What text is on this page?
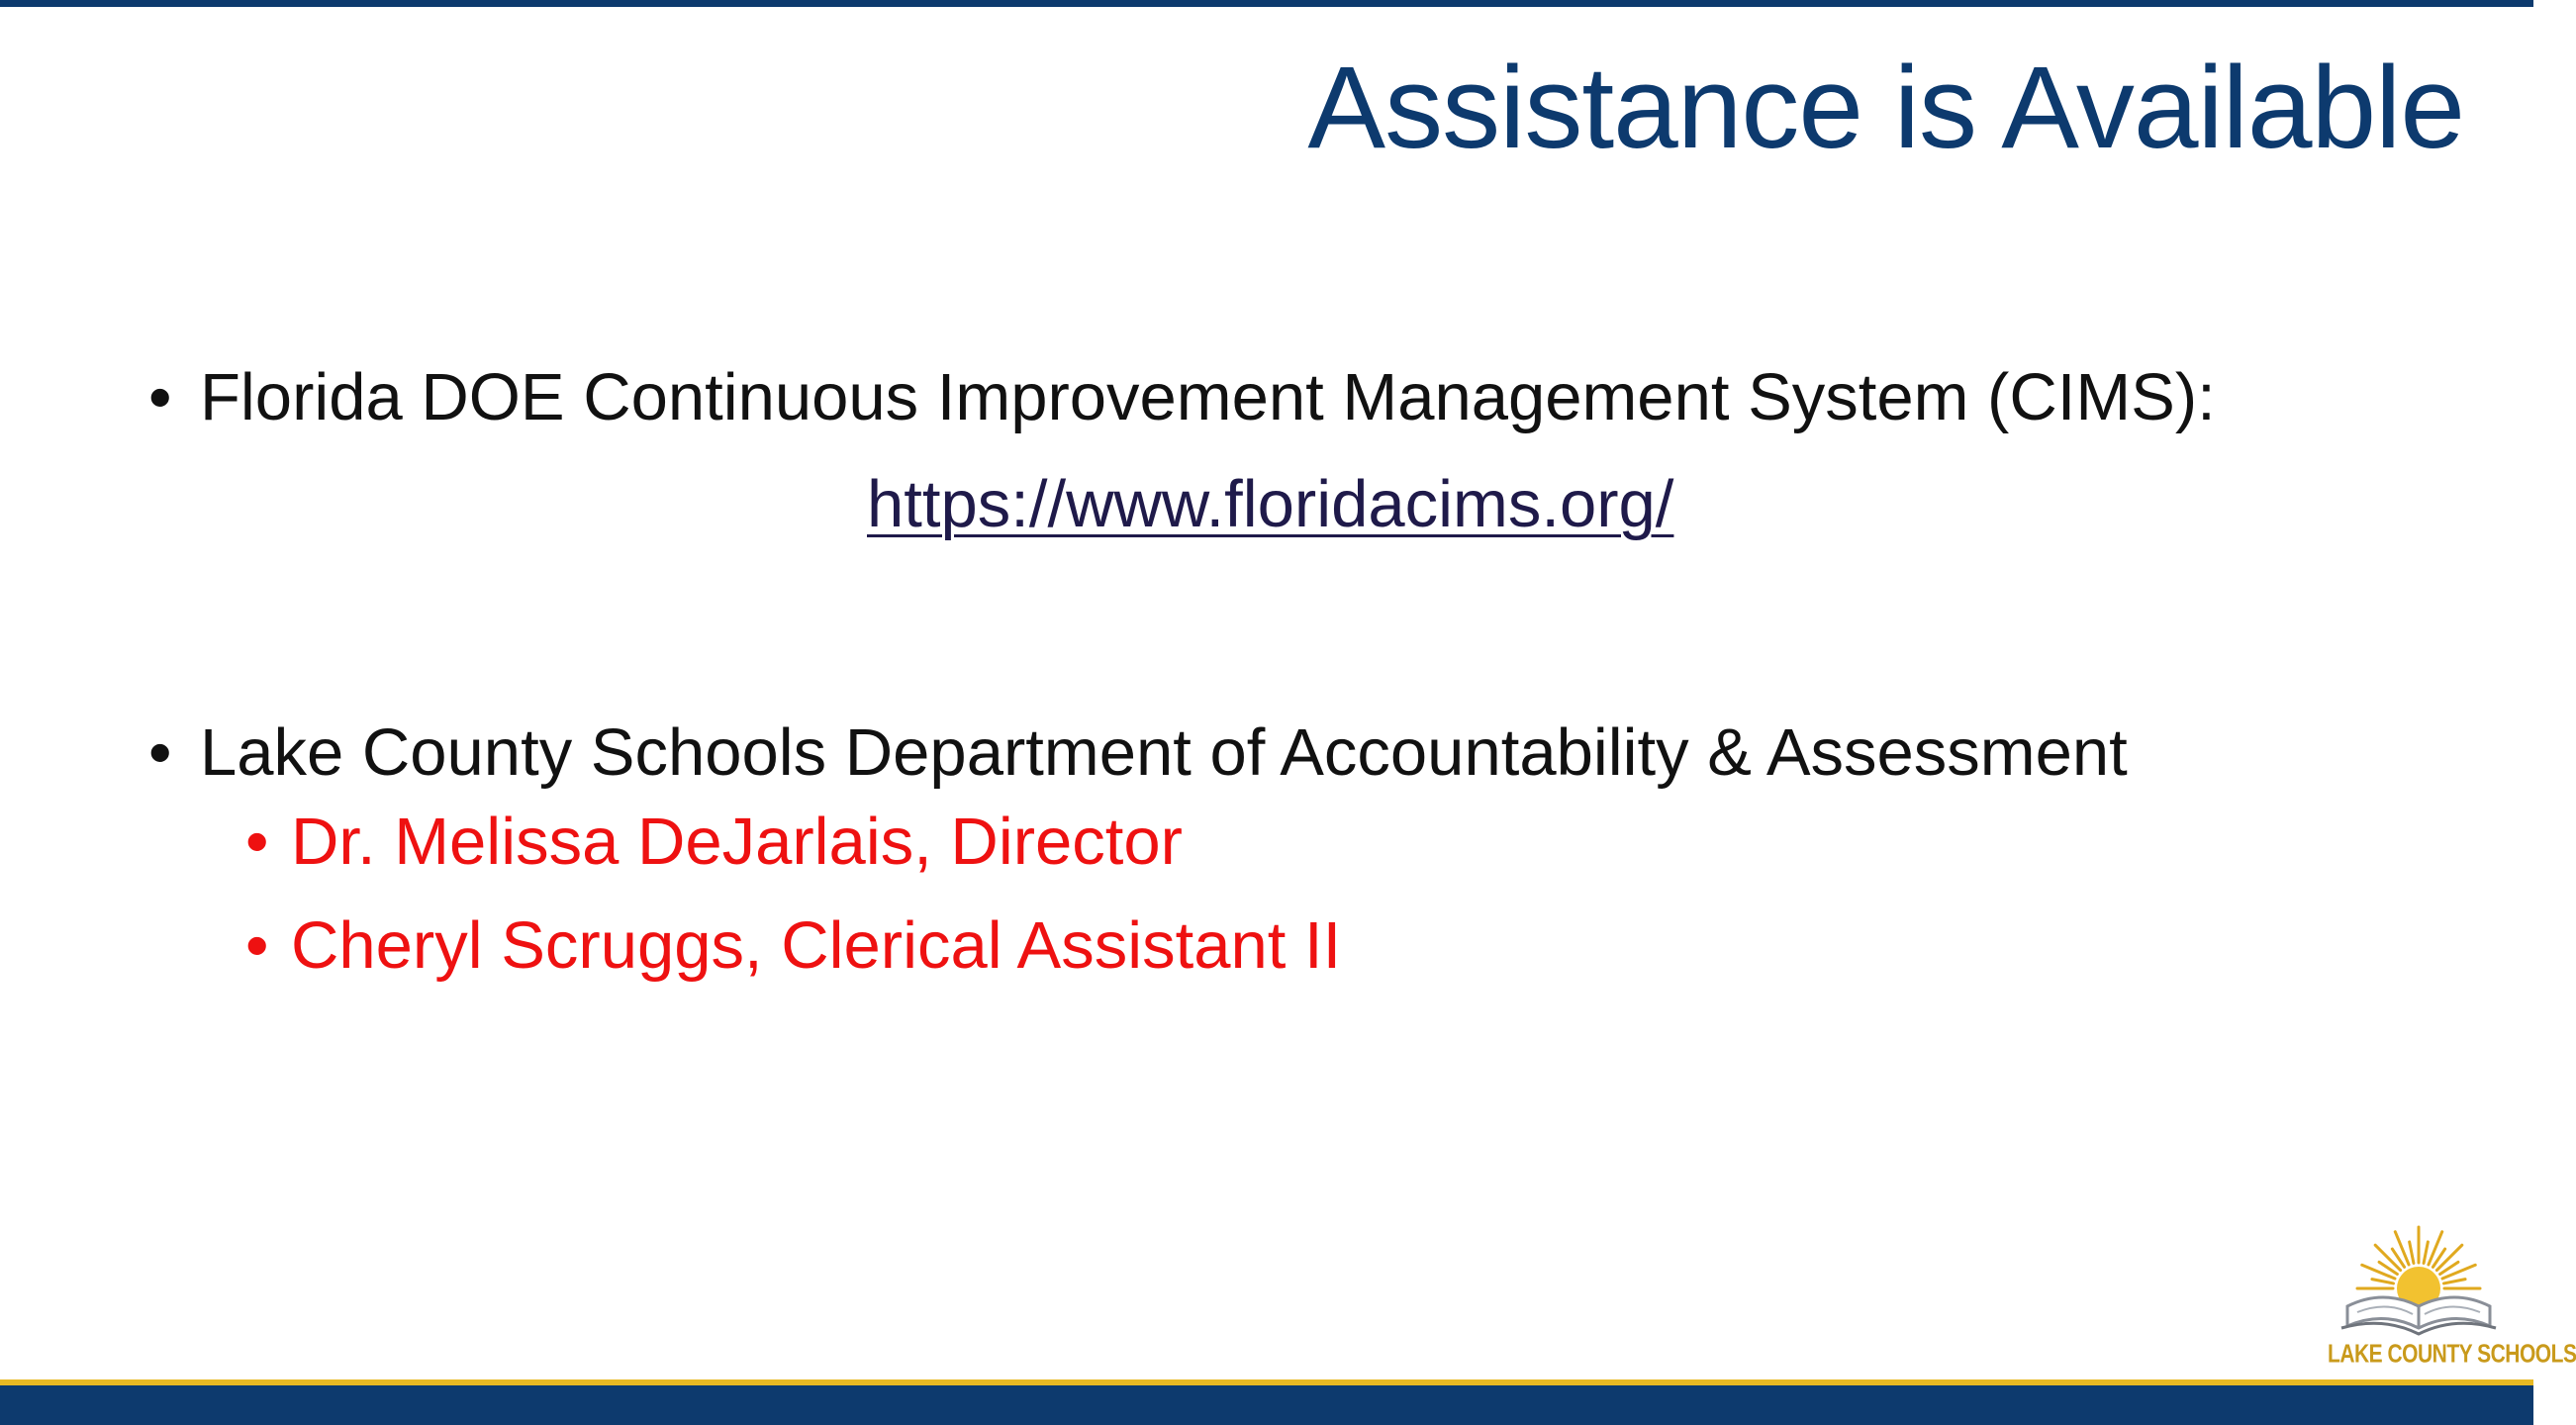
Assistance is Available
• Florida DOE Continuous Improvement Management System (CIMS):
https://www.floridacims.org/
• Lake County Schools Department of Accountability & Assessment
• Dr. Melissa DeJarlais, Director
• Cheryl Scruggs, Clerical Assistant II
LAKE COUNTY SCHOOLS
